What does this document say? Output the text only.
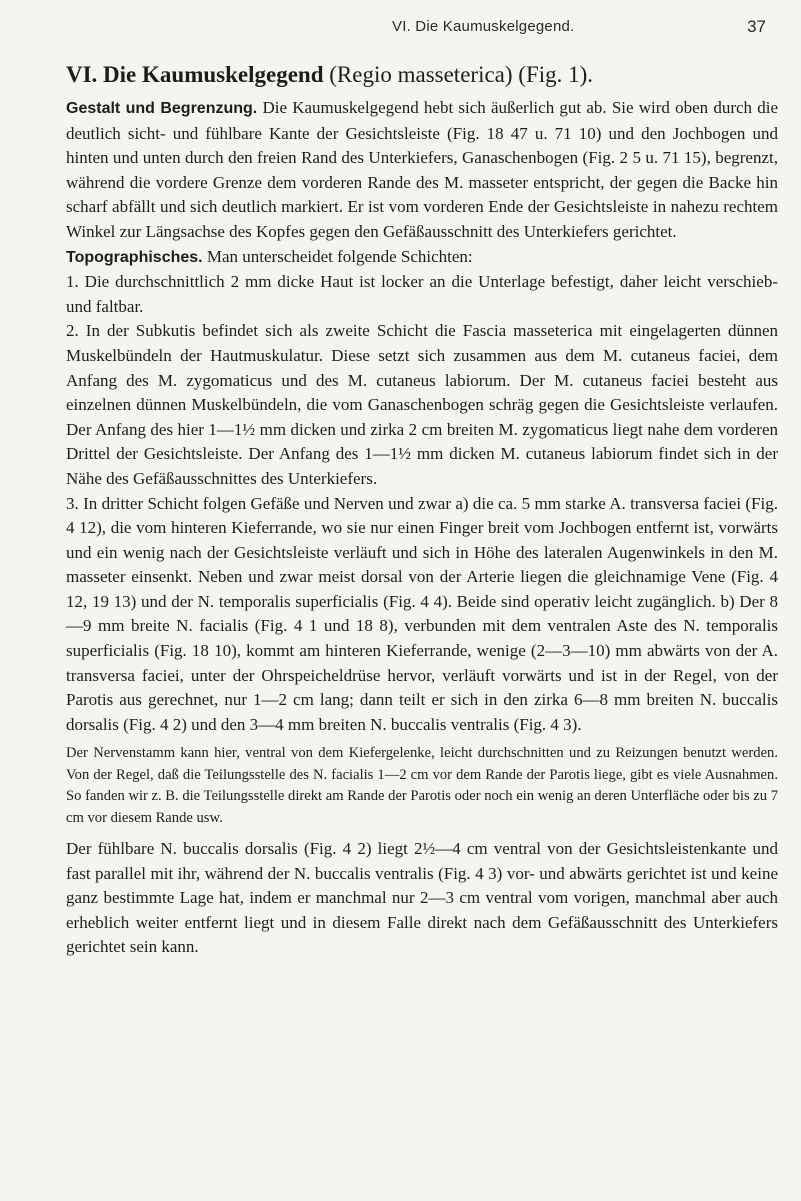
VI. Die Kaumuskelgegend.	37
VI. Die Kaumuskelgegend (Regio masseterica) (Fig. 1).

Gestalt und Begrenzung. Die Kaumuskelgegend hebt sich äußerlich gut ab. Sie wird oben durch die deutlich sicht- und fühlbare Kante der Gesichtsleiste (Fig. 18 47 u. 71 10) und den Jochbogen und hinten und unten durch den freien Rand des Unterkiefers, Ganaschenbogen (Fig. 2 5 u. 71 15), begrenzt, während die vordere Grenze dem vorderen Rande des M. masseter entspricht, der gegen die Backe hin scharf abfällt und sich deutlich markiert. Er ist vom vorderen Ende der Gesichtsleiste in nahezu rechtem Winkel zur Längsachse des Kopfes gegen den Gefäßausschnitt des Unterkiefers gerichtet.

Topographisches. Man unterscheidet folgende Schichten:

1. Die durchschnittlich 2 mm dicke Haut ist locker an die Unterlage befestigt, daher leicht verschieb- und faltbar.

2. In der Subkutis befindet sich als zweite Schicht die Fascia masseterica mit eingelagerten dünnen Muskelbündeln der Hautmuskulatur. Diese setzt sich zusammen aus dem M. cutaneus faciei, dem Anfang des M. zygomaticus und des M. cutaneus labiorum. Der M. cutaneus faciei besteht aus einzelnen dünnen Muskelbündeln, die vom Ganaschenbogen schräg gegen die Gesichtsleiste verlaufen. Der Anfang des hier 1—1½ mm dicken und zirka 2 cm breiten M. zygomaticus liegt nahe dem vorderen Drittel der Gesichtsleiste. Der Anfang des 1—1½ mm dicken M. cutaneus labiorum findet sich in der Nähe des Gefäßausschnittes des Unterkiefers.

3. In dritter Schicht folgen Gefäße und Nerven und zwar a) die ca. 5 mm starke A. transversa faciei (Fig. 4 12), die vom hinteren Kieferrande, wo sie nur einen Finger breit vom Jochbogen entfernt ist, vorwärts und ein wenig nach der Gesichtsleiste verläuft und sich in Höhe des lateralen Augenwinkels in den M. masseter einsenkt. Neben und zwar meist dorsal von der Arterie liegen die gleichnamige Vene (Fig. 4 12, 19 13) und der N. temporalis superficialis (Fig. 4 4). Beide sind operativ leicht zugänglich. b) Der 8—9 mm breite N. facialis (Fig. 4 1 und 18 8), verbunden mit dem ventralen Aste des N. temporalis superficialis (Fig. 18 10), kommt am hinteren Kieferrande, wenige (2—3—10) mm abwärts von der A. transversa faciei, unter der Ohrspeicheldrüse hervor, verläuft vorwärts und ist in der Regel, von der Parotis aus gerechnet, nur 1—2 cm lang; dann teilt er sich in den zirka 6—8 mm breiten N. buccalis dorsalis (Fig. 4 2) und den 3—4 mm breiten N. buccalis ventralis (Fig. 4 3).

Der Nervenstamm kann hier, ventral von dem Kiefergelenke, leicht durchschnitten und zu Reizungen benutzt werden. Von der Regel, daß die Teilungsstelle des N. facialis 1—2 cm vor dem Rande der Parotis liege, gibt es viele Ausnahmen. So fanden wir z. B. die Teilungsstelle direkt am Rande der Parotis oder noch ein wenig an deren Unterfläche oder bis zu 7 cm vor diesem Rande usw.

Der fühlbare N. buccalis dorsalis (Fig. 4 2) liegt 2½—4 cm ventral von der Gesichtsleistenkante und fast parallel mit ihr, während der N. buccalis ventralis (Fig. 4 3) vor- und abwärts gerichtet ist und keine ganz bestimmte Lage hat, indem er manchmal nur 2—3 cm ventral vom vorigen, manchmal aber auch erheblich weiter entfernt liegt und in diesem Falle direkt nach dem Gefäßausschnitt des Unterkiefers gerichtet sein kann.
